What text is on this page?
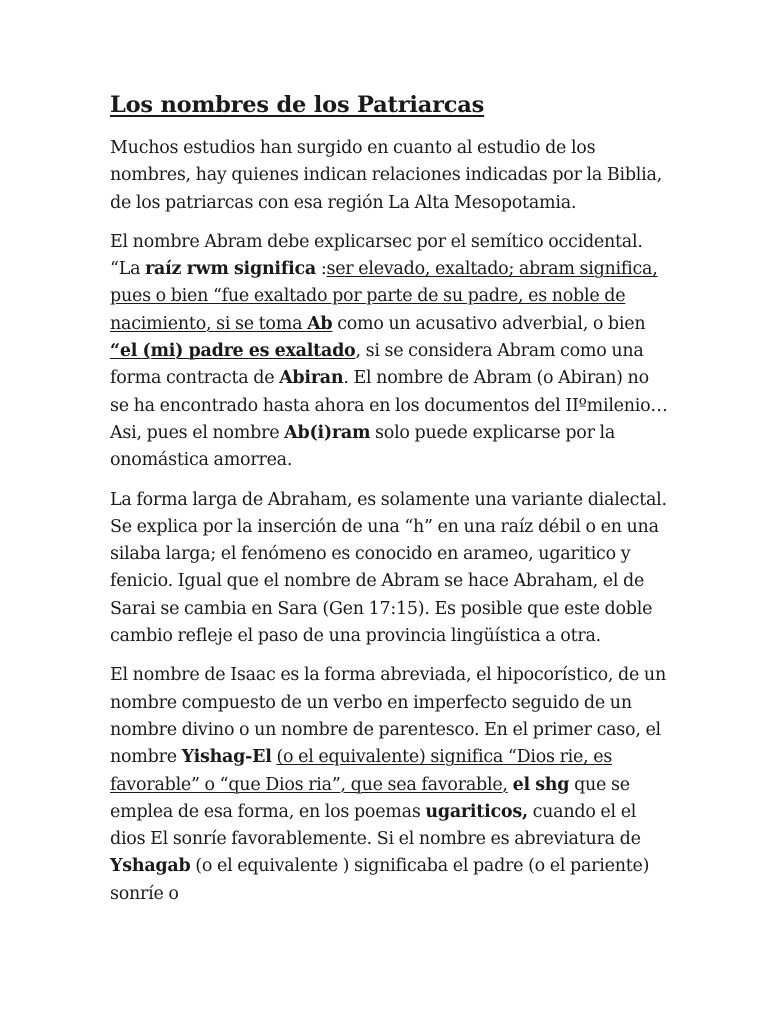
Los nombres de los Patriarcas

Muchos estudios han surgido en cuanto al estudio de los nombres, hay quienes indican relaciones indicadas por la Biblia, de los patriarcas con esa región La Alta Mesopotamia.

El nombre Abram debe explicarsec por el semítico occidental. “La raíz rwm significa :ser elevado, exaltado; abram significa, pues o bien “fue exaltado por parte de su padre, es noble de nacimiento, si se toma Ab como un acusativo adverbial, o bien “el (mi) padre es exaltado, si se considera Abram como una forma contracta de Abiran. El nombre de Abram (o Abiran) no se ha encontrado hasta ahora en los documentos del IIºmilenio…Asi, pues el nombre Ab(i)ram solo puede explicarse por la onomástica amorrea.

La forma larga de Abraham, es solamente una variante dialectal. Se explica por la inserción de una “h” en una raíz débil o en una silaba larga; el fenómeno es conocido en arameo, ugaritico y fenicio. Igual que el nombre de Abram se hace Abraham, el de Sarai se cambia en Sara (Gen 17:15). Es posible que este doble cambio refleje el paso de una provincia lingüística a otra.

El nombre de Isaac es la forma abreviada, el hipocorístico, de un nombre compuesto de un verbo en imperfecto seguido de un nombre divino o un nombre de parentesco. En el primer caso, el nombre Yishag-El (o el equivalente) significa “Dios rie, es favorable” o “que Dios ria”, que sea favorable, el shg que se emplea de esa forma, en los poemas ugariticos, cuando el el dios El sonríe favorablemente. Si el nombre es abreviatura de Yshagab (o el equivalente ) significaba el padre (o el pariente) sonríe o
